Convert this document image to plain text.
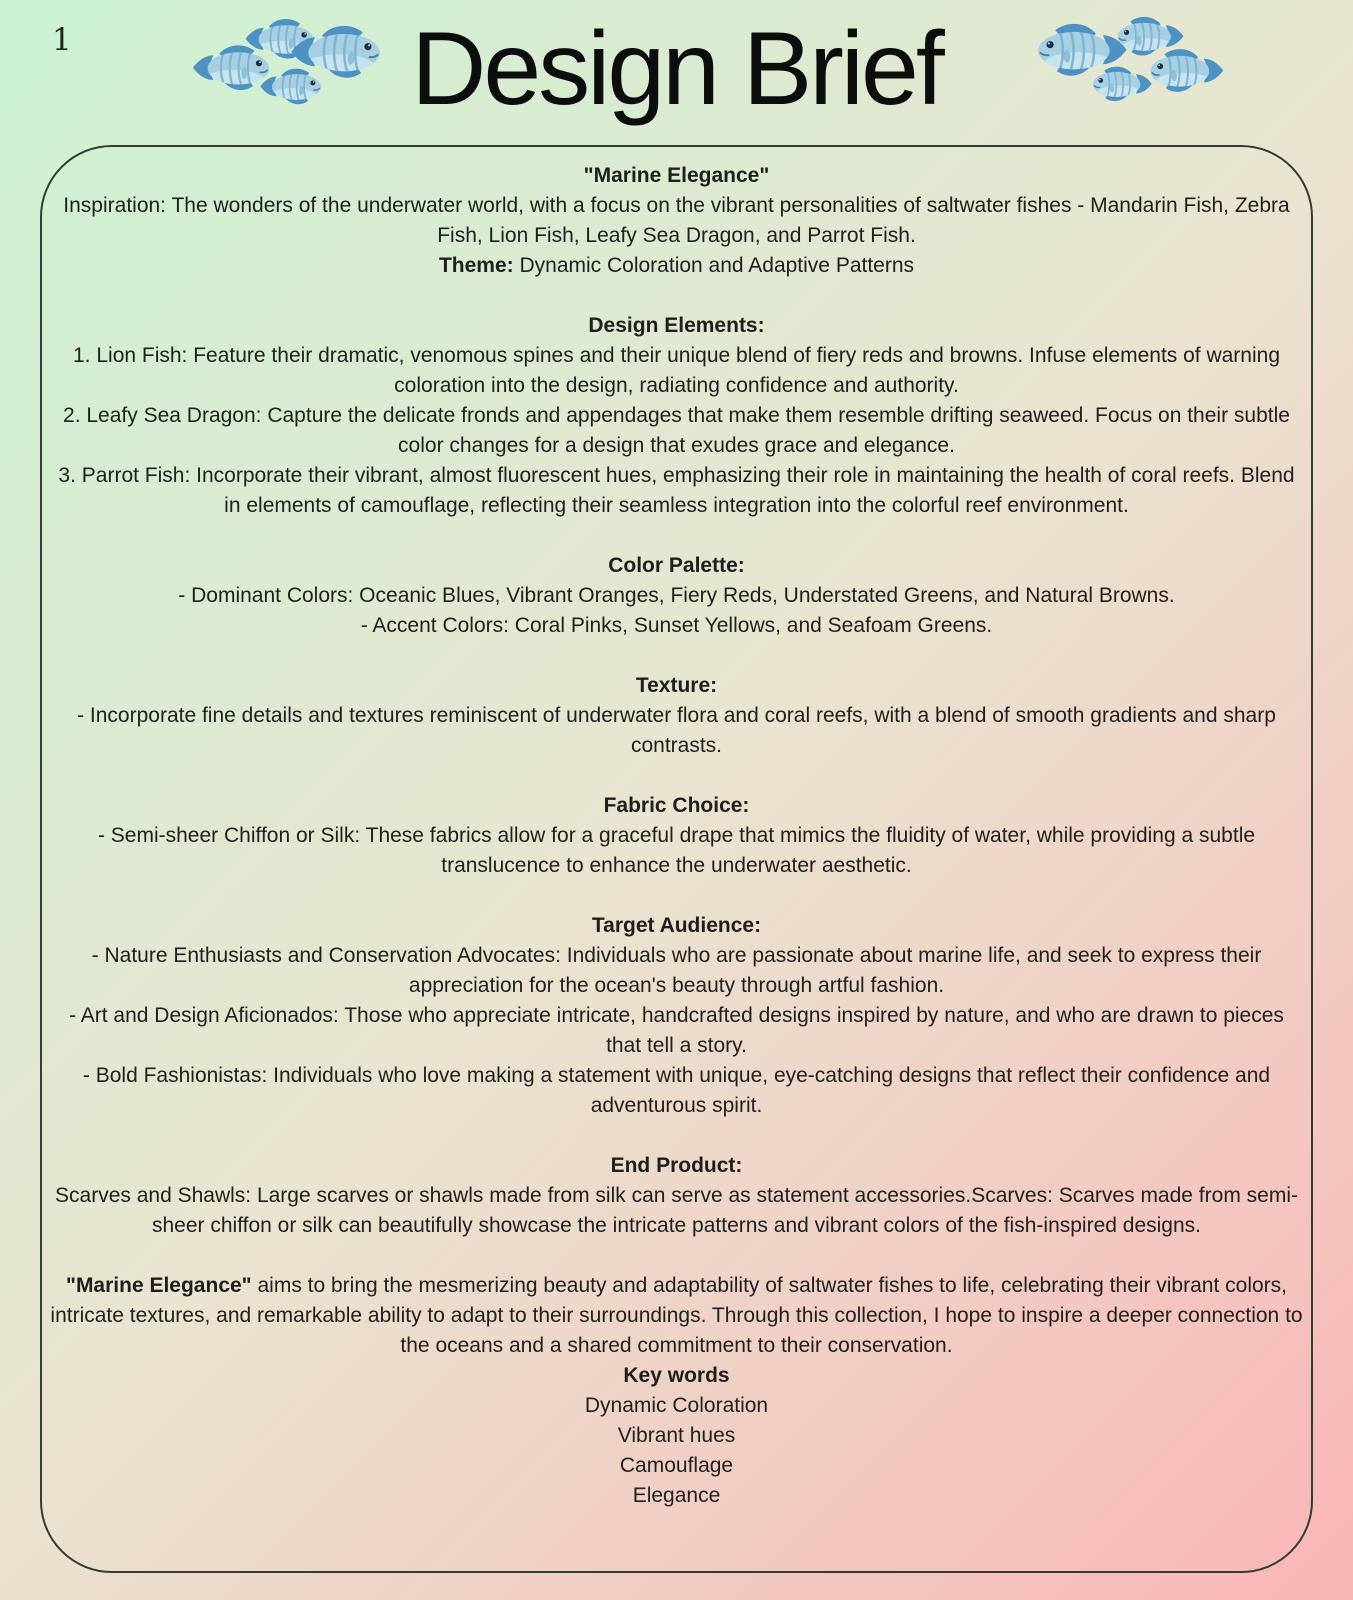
1	Design Brief
"Marine Elegance"

Inspiration: The wonders of the underwater world, with a focus on the vibrant personalities of saltwater fishes - Mandarin Fish, Zebra Fish, Lion Fish, Leafy Sea Dragon, and Parrot Fish.

Theme: Dynamic Coloration and Adaptive Patterns

Design Elements:

1. Lion Fish: Feature their dramatic, venomous spines and their unique blend of fiery reds and browns. Infuse elements of warning coloration into the design, radiating confidence and authority.

2. Leafy Sea Dragon: Capture the delicate fronds and appendages that make them resemble drifting seaweed. Focus on their subtle color changes for a design that exudes grace and elegance.

3. Parrot Fish: Incorporate their vibrant, almost fluorescent hues, emphasizing their role in maintaining the health of coral reefs. Blend in elements of camouflage, reflecting their seamless integration into the colorful reef environment.

Color Palette:

- Dominant Colors: Oceanic Blues, Vibrant Oranges, Fiery Reds, Understated Greens, and Natural Browns.

- Accent Colors: Coral Pinks, Sunset Yellows, and Seafoam Greens.

Texture:

- Incorporate fine details and textures reminiscent of underwater flora and coral reefs, with a blend of smooth gradients and sharp contrasts.

Fabric Choice:

- Semi-sheer Chiffon or Silk: These fabrics allow for a graceful drape that mimics the fluidity of water, while providing a subtle translucence to enhance the underwater aesthetic.

Target Audience:

- Nature Enthusiasts and Conservation Advocates: Individuals who are passionate about marine life, and seek to express their appreciation for the ocean's beauty through artful fashion.

- Art and Design Aficionados: Those who appreciate intricate, handcrafted designs inspired by nature, and who are drawn to pieces that tell a story.

- Bold Fashionistas: Individuals who love making a statement with unique, eye-catching designs that reflect their confidence and adventurous spirit.

End Product:

Scarves and Shawls: Large scarves or shawls made from silk can serve as statement accessories.Scarves: Scarves made from semi-sheer chiffon or silk can beautifully showcase the intricate patterns and vibrant colors of the fish-inspired designs.

"Marine Elegance" aims to bring the mesmerizing beauty and adaptability of saltwater fishes to life, celebrating their vibrant colors, intricate textures, and remarkable ability to adapt to their surroundings. Through this collection, I hope to inspire a deeper connection to the oceans and a shared commitment to their conservation.

Key words

Dynamic Coloration

Vibrant hues

Camouflage

Elegance
